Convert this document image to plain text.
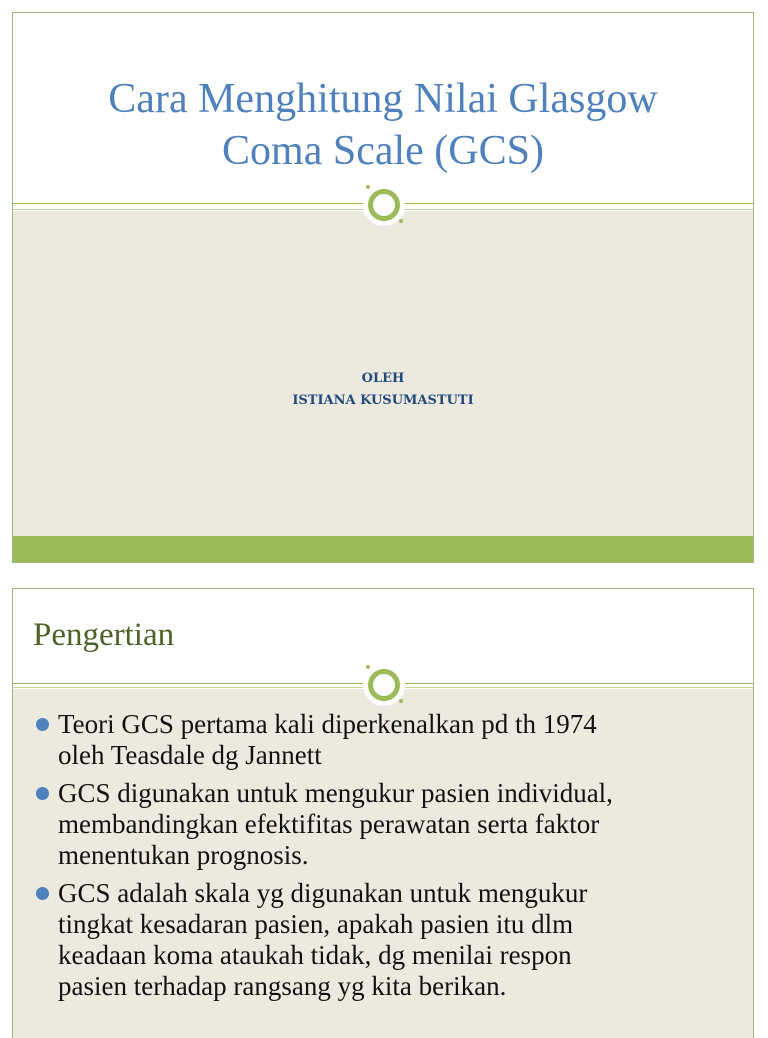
Cara Menghitung Nilai Glasgow
Coma Scale (GCS)
OLEH
ISTIANA KUSUMASTUTI
Pengertian
Teori GCS pertama kali diperkenalkan pd th 1974
oleh Teasdale dg Jannett
GCS digunakan untuk mengukur pasien individual,
membandingkan efektifitas perawatan serta faktor
menentukan prognosis.
GCS adalah skala yg digunakan untuk mengukur
tingkat kesadaran pasien, apakah pasien itu dlm
keadaan koma ataukah tidak, dg menilai respon
pasien terhadap rangsang yg kita berikan.
